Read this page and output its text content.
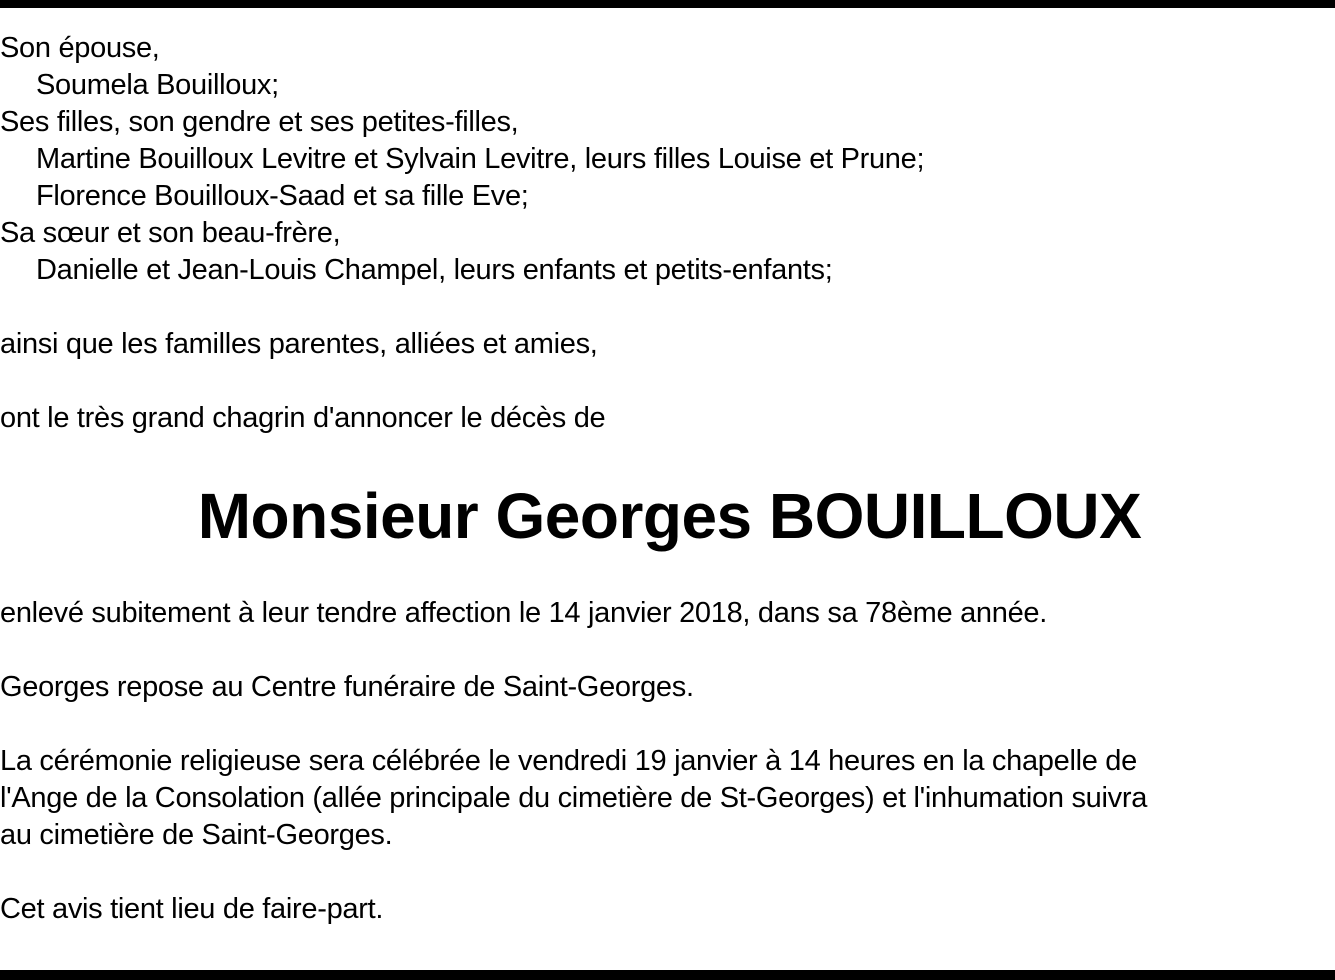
Son épouse,
Soumela Bouilloux;
Ses filles, son gendre et ses petites-filles,
Martine Bouilloux Levitre et Sylvain Levitre, leurs filles Louise et Prune;
Florence Bouilloux-Saad et sa fille Eve;
Sa sœur et son beau-frère,
Danielle et Jean-Louis Champel, leurs enfants et petits-enfants;
ainsi que les familles parentes, alliées et amies,
ont le très grand chagrin d'annoncer le décès de
Monsieur Georges BOUILLOUX
enlevé subitement à leur tendre affection le 14 janvier 2018, dans sa 78ème année.
Georges repose au Centre funéraire de Saint-Georges.
La cérémonie religieuse sera célébrée le vendredi 19 janvier à 14 heures en la chapelle de
l'Ange de la Consolation (allée principale du cimetière de St-Georges) et l'inhumation suivra
au cimetière de Saint-Georges.
Cet avis tient lieu de faire-part.
